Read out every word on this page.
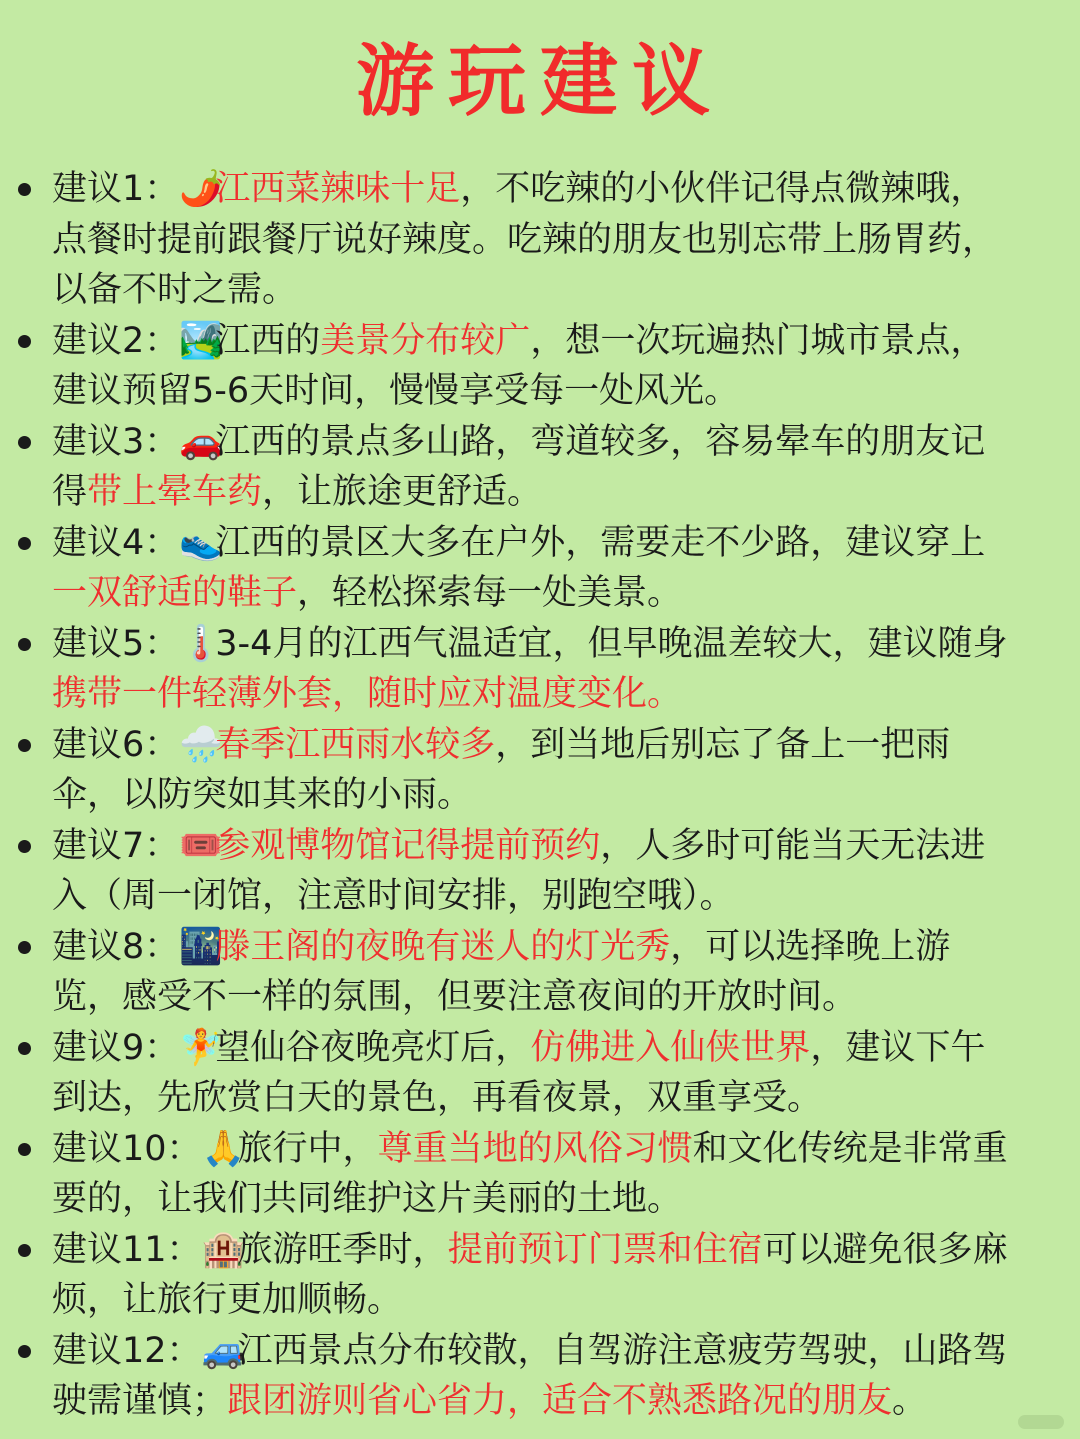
游玩建议
建议1：🌶️江西菜辣味十足，不吃辣的小伙伴记得点微辣哦，
点餐时提前跟餐厅说好辣度。吃辣的朋友也别忘带上肠胃药，
以备不时之需。
建议2：🏞️江西的美景分布较广，想一次玩遍热门城市景点，
建议预留5-6天时间，慢慢享受每一处风光。
建议3：🚗江西的景点多山路，弯道较多，容易晕车的朋友记
得带上晕车药，让旅途更舒适。
建议4：👟江西的景区大多在户外，需要走不少路，建议穿上
一双舒适的鞋子，轻松探索每一处美景。
建议5：🌡️3-4月的江西气温适宜，但早晚温差较大，建议随身
携带一件轻薄外套，随时应对温度变化。
建议6：🌧️春季江西雨水较多，到当地后别忘了备上一把雨
伞，以防突如其来的小雨。
建议7：🎟️参观博物馆记得提前预约，人多时可能当天无法进
入（周一闭馆，注意时间安排，别跑空哦）。
建议8：🌃滕王阁的夜晚有迷人的灯光秀，可以选择晚上游
览，感受不一样的氛围，但要注意夜间的开放时间。
建议9：🧚望仙谷夜晚亮灯后，仿佛进入仙侠世界，建议下午
到达，先欣赏白天的景色，再看夜景，双重享受。
建议10：🙏旅行中，尊重当地的风俗习惯和文化传统是非常重
要的，让我们共同维护这片美丽的土地。
建议11：🏨旅游旺季时，提前预订门票和住宿可以避免很多麻
烦，让旅行更加顺畅。
建议12：🚙江西景点分布较散，自驾游注意疲劳驾驶，山路驾
驶需谨慎；跟团游则省心省力，适合不熟悉路况的朋友。
